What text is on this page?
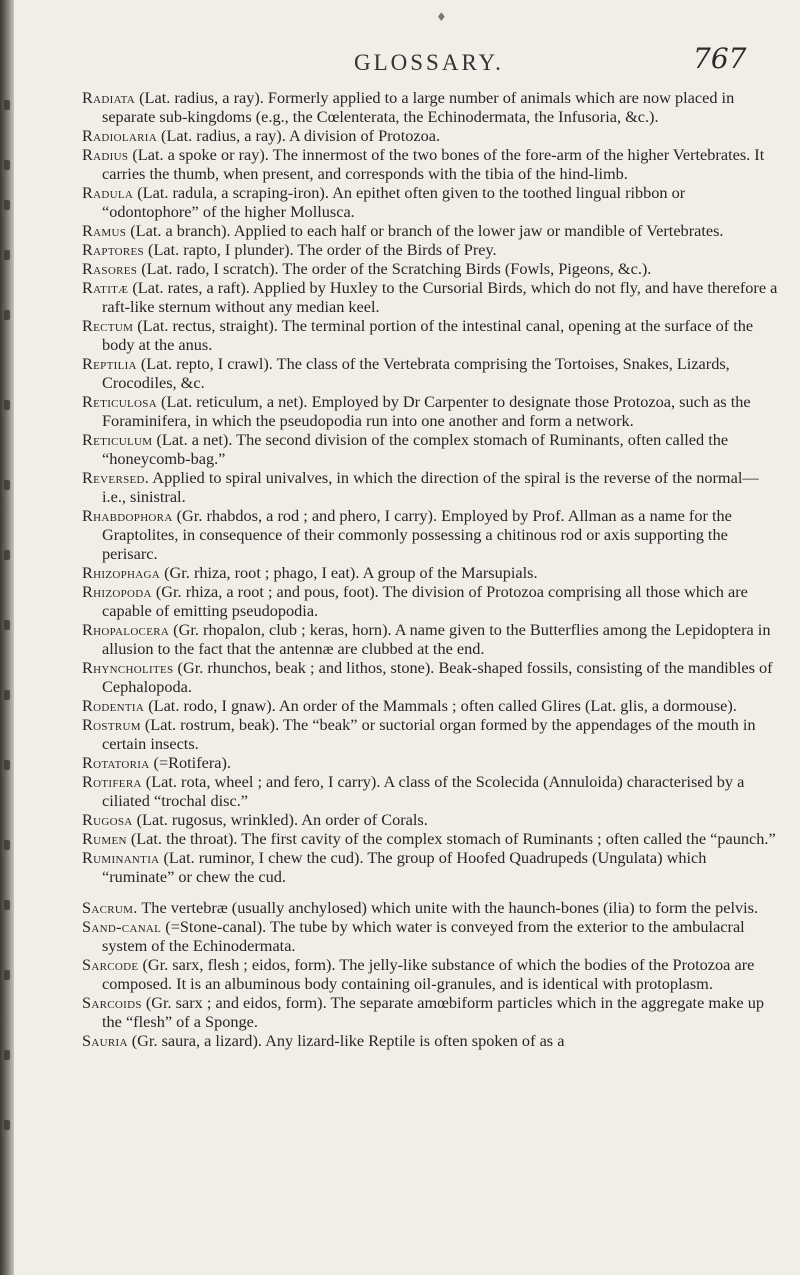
♦
GLOSSARY.	767

Radiata (Lat. radius, a ray). Formerly applied to a large number of animals which are now placed in separate sub-kingdoms (e.g., the Cœlenterata, the Echinodermata, the Infusoria, &c.).

Radiolaria (Lat. radius, a ray). A division of Protozoa.

Radius (Lat. a spoke or ray). The innermost of the two bones of the fore-arm of the higher Vertebrates. It carries the thumb, when present, and corresponds with the tibia of the hind-limb.

Radula (Lat. radula, a scraping-iron). An epithet often given to the toothed lingual ribbon or “odontophore” of the higher Mollusca.

Ramus (Lat. a branch). Applied to each half or branch of the lower jaw or mandible of Vertebrates.

Raptores (Lat. rapto, I plunder). The order of the Birds of Prey.

Rasores (Lat. rado, I scratch). The order of the Scratching Birds (Fowls, Pigeons, &c.).

Ratitæ (Lat. rates, a raft). Applied by Huxley to the Cursorial Birds, which do not fly, and have therefore a raft-like sternum without any median keel.

Rectum (Lat. rectus, straight). The terminal portion of the intestinal canal, opening at the surface of the body at the anus.

Reptilia (Lat. repto, I crawl). The class of the Vertebrata comprising the Tortoises, Snakes, Lizards, Crocodiles, &c.

Reticulosa (Lat. reticulum, a net). Employed by Dr Carpenter to designate those Protozoa, such as the Foraminifera, in which the pseudopodia run into one another and form a network.

Reticulum (Lat. a net). The second division of the complex stomach of Ruminants, often called the “honeycomb-bag.”

Reversed. Applied to spiral univalves, in which the direction of the spiral is the reverse of the normal—i.e., sinistral.

Rhabdophora (Gr. rhabdos, a rod ; and phero, I carry). Employed by Prof. Allman as a name for the Graptolites, in consequence of their commonly possessing a chitinous rod or axis supporting the perisarc.

Rhizophaga (Gr. rhiza, root ; phago, I eat). A group of the Marsupials.

Rhizopoda (Gr. rhiza, a root ; and pous, foot). The division of Protozoa comprising all those which are capable of emitting pseudopodia.

Rhopalocera (Gr. rhopalon, club ; keras, horn). A name given to the Butterflies among the Lepidoptera in allusion to the fact that the antennæ are clubbed at the end.

Rhyncholites (Gr. rhunchos, beak ; and lithos, stone). Beak-shaped fossils, consisting of the mandibles of Cephalopoda.

Rodentia (Lat. rodo, I gnaw). An order of the Mammals ; often called Glires (Lat. glis, a dormouse).

Rostrum (Lat. rostrum, beak). The “beak” or suctorial organ formed by the appendages of the mouth in certain insects.

Rotatoria (=Rotifera).

Rotifera (Lat. rota, wheel ; and fero, I carry). A class of the Scolecida (Annuloida) characterised by a ciliated “trochal disc.”

Rugosa (Lat. rugosus, wrinkled). An order of Corals.

Rumen (Lat. the throat). The first cavity of the complex stomach of Ruminants ; often called the “paunch.”

Ruminantia (Lat. ruminor, I chew the cud). The group of Hoofed Quadrupeds (Ungulata) which “ruminate” or chew the cud.

Sacrum. The vertebræ (usually anchylosed) which unite with the haunch-bones (ilia) to form the pelvis.

Sand-canal (=Stone-canal). The tube by which water is conveyed from the exterior to the ambulacral system of the Echinodermata.

Sarcode (Gr. sarx, flesh ; eidos, form). The jelly-like substance of which the bodies of the Protozoa are composed. It is an albuminous body containing oil-granules, and is identical with protoplasm.

Sarcoids (Gr. sarx ; and eidos, form). The separate amœbiform particles which in the aggregate make up the “flesh” of a Sponge.

Sauria (Gr. saura, a lizard). Any lizard-like Reptile is often spoken of as a
